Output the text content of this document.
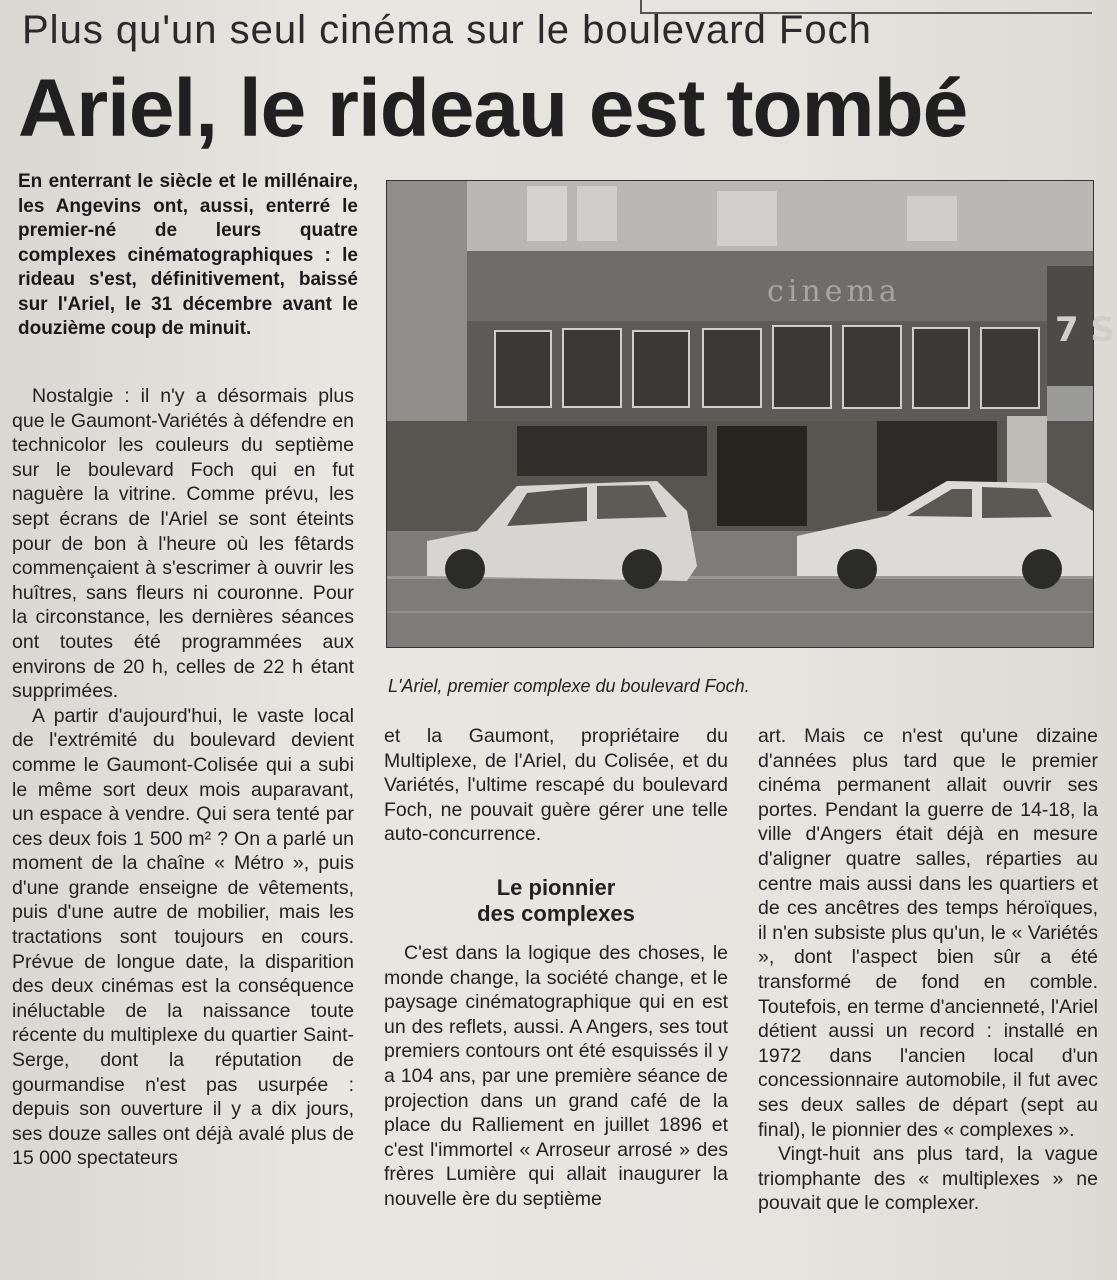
Plus qu'un seul cinéma sur le boulevard Foch
Ariel, le rideau est tombé
En enterrant le siècle et le millénaire, les Angevins ont, aussi, enterré le premier-né de leurs quatre complexes cinématographiques : le rideau s'est, définitivement, baissé sur l'Ariel, le 31 décembre avant le douzième coup de minuit.
cinema
7 S
L'Ariel, premier complexe du boulevard Foch.

Nostalgie : il n'y a désormais plus que le Gaumont-Variétés à défendre en technicolor les couleurs du septième sur le boulevard Foch qui en fut naguère la vitrine. Comme prévu, les sept écrans de l'Ariel se sont éteints pour de bon à l'heure où les fêtards commençaient à s'escrimer à ouvrir les huîtres, sans fleurs ni couronne. Pour la circonstance, les dernières séances ont toutes été programmées aux environs de 20 h, celles de 22 h étant supprimées.

A partir d'aujourd'hui, le vaste local de l'extrémité du boulevard devient comme le Gaumont-Colisée qui a subi le même sort deux mois auparavant, un espace à vendre. Qui sera tenté par ces deux fois 1 500 m² ? On a parlé un moment de la chaîne « Métro », puis d'une grande enseigne de vêtements, puis d'une autre de mobilier, mais les tractations sont toujours en cours. Prévue de longue date, la disparition des deux cinémas est la conséquence inéluctable de la naissance toute récente du multiplexe du quartier Saint-Serge, dont la réputation de gourmandise n'est pas usurpée : depuis son ouverture il y a dix jours, ses douze salles ont déjà avalé plus de 15 000 spectateurs

et la Gaumont, propriétaire du Multiplexe, de l'Ariel, du Colisée, et du Variétés, l'ultime rescapé du boulevard Foch, ne pouvait guère gérer une telle auto-concurrence.

Le pionnier
des complexes

C'est dans la logique des choses, le monde change, la société change, et le paysage cinématographique qui en est un des reflets, aussi. A Angers, ses tout premiers contours ont été esquissés il y a 104 ans, par une première séance de projection dans un grand café de la place du Ralliement en juillet 1896 et c'est l'immortel « Arroseur arrosé » des frères Lumière qui allait inaugurer la nouvelle ère du septième

art. Mais ce n'est qu'une dizaine d'années plus tard que le premier cinéma permanent allait ouvrir ses portes. Pendant la guerre de 14-18, la ville d'Angers était déjà en mesure d'aligner quatre salles, réparties au centre mais aussi dans les quartiers et de ces ancêtres des temps héroïques, il n'en subsiste plus qu'un, le « Variétés », dont l'aspect bien sûr a été transformé de fond en comble. Toutefois, en terme d'ancienneté, l'Ariel détient aussi un record : installé en 1972 dans l'ancien local d'un concessionnaire automobile, il fut avec ses deux salles de départ (sept au final), le pionnier des « complexes ».

Vingt-huit ans plus tard, la vague triomphante des « multiplexes » ne pouvait que le complexer.
